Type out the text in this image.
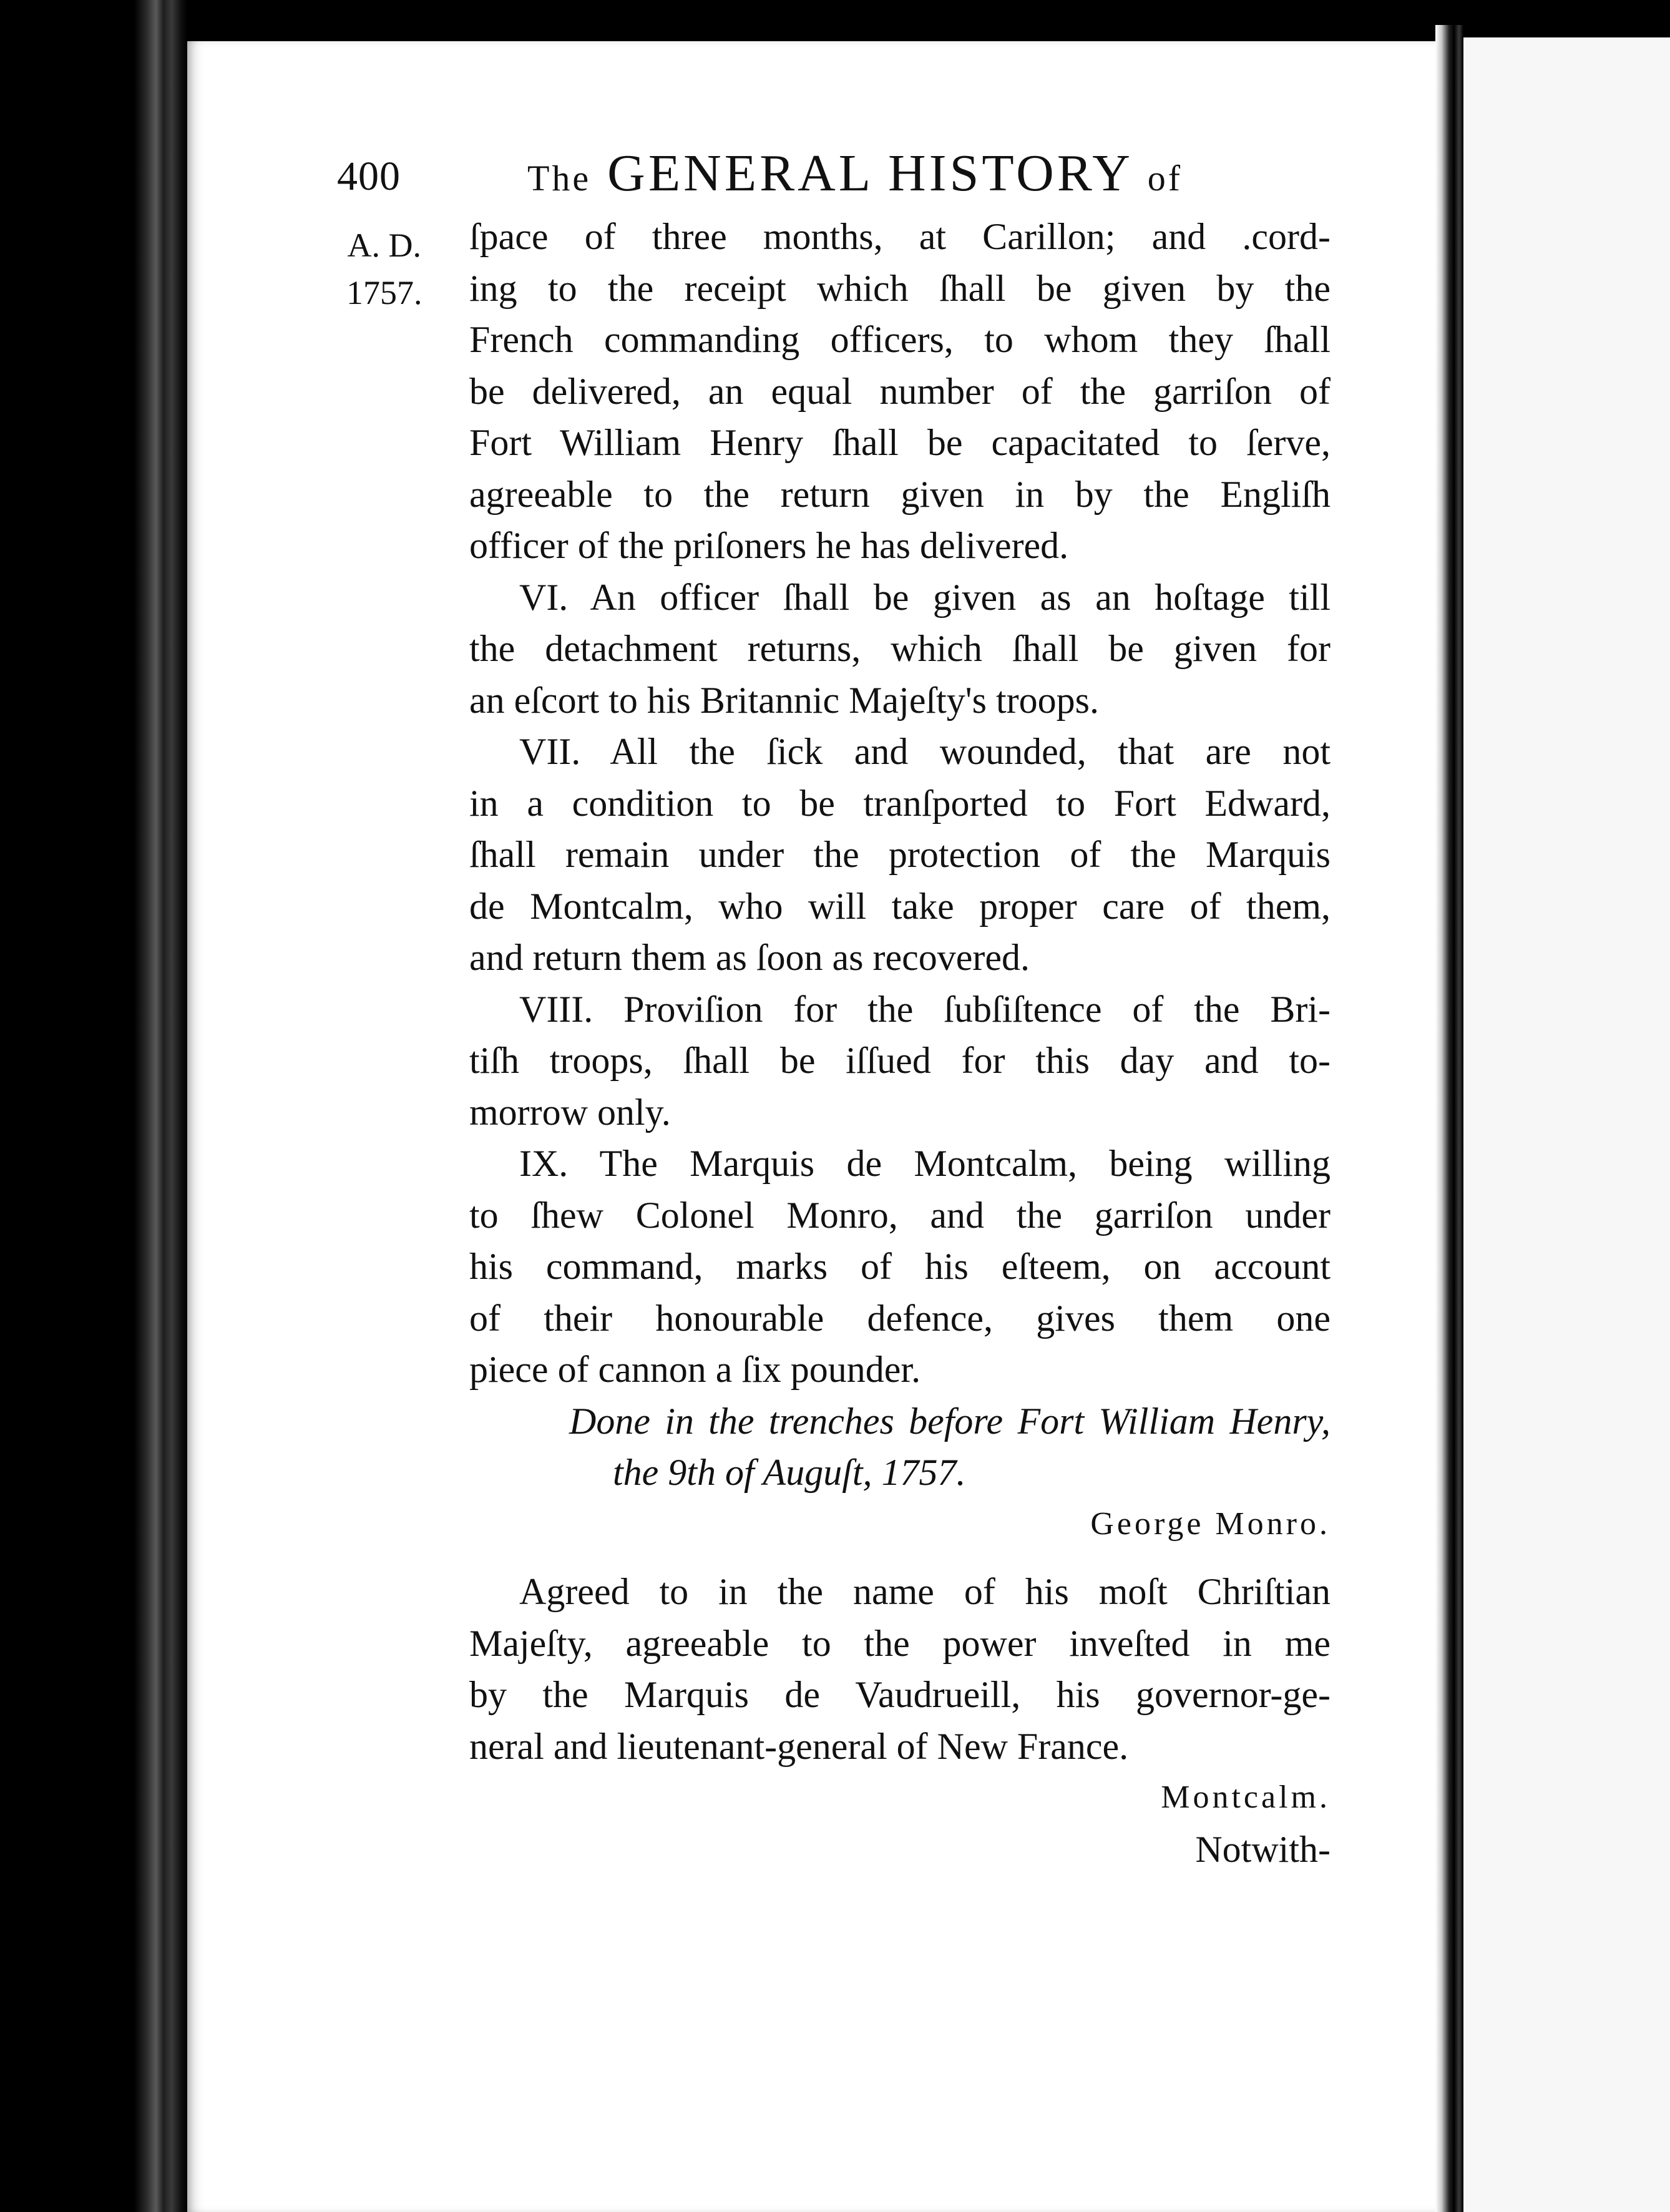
400	The GENERAL HISTORY of
A. D.
1757.
ſpace of three months, at Carillon; and .cord-
ing to the receipt which ſhall be given by the
French commanding officers, to whom they ſhall
be delivered, an equal number of the garriſon of
Fort William Henry ſhall be capacitated to ſerve,
agreeable to the return given in by the Engliſh
officer of the priſoners he has delivered.
VI. An officer ſhall be given as an hoſtage till
the detachment returns, which ſhall be given for
an eſcort to his Britannic Majeſty's troops.
VII. All the ſick and wounded, that are not
in a condition to be tranſported to Fort Edward,
ſhall remain under the protection of the Marquis
de Montcalm, who will take proper care of them,
and return them as ſoon as recovered.
VIII. Proviſion for the ſubſiſtence of the Bri-
tiſh troops, ſhall be iſſued for this day and to-
morrow only.
IX. The Marquis de Montcalm, being willing
to ſhew Colonel Monro, and the garriſon under
his command, marks of his eſteem, on account
of their honourable defence, gives them one
piece of cannon a ſix pounder.
Done in the trenches before Fort William Henry,
the 9th of Auguſt, 1757.
George Monro.
Agreed to in the name of his moſt Chriſtian
Majeſty, agreeable to the power inveſted in me
by the Marquis de Vaudrueill, his governor-ge-
neral and lieutenant-general of New France.
Montcalm.
Notwith-
